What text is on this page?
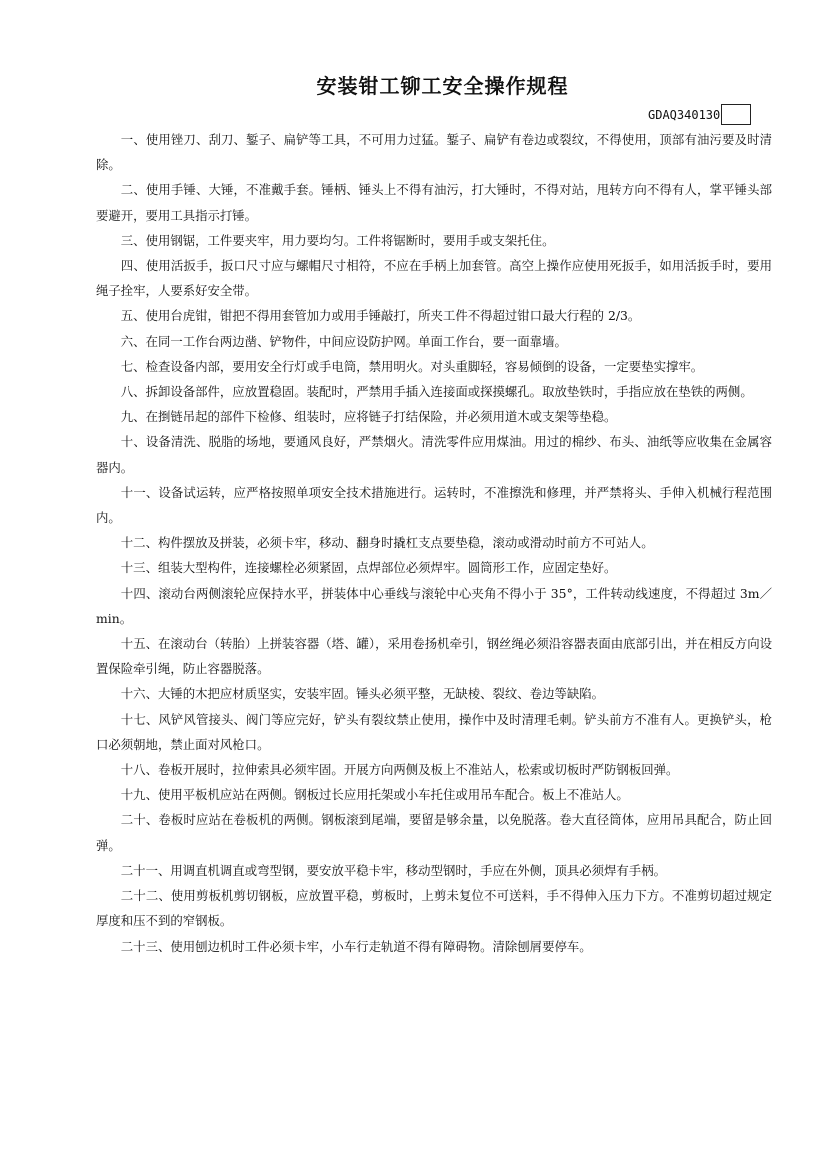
安装钳工铆工安全操作规程
GDAQ340130

一、使用锉刀、刮刀、錾子、扁铲等工具，不可用力过猛。錾子、扁铲有卷边或裂纹，不得使用，顶部有油污要及时清除。

二、使用手锤、大锤，不准戴手套。锤柄、锤头上不得有油污，打大锤时，不得对站，甩转方向不得有人，掌平锤头部要避开，要用工具指示打锤。

三、使用钢锯，工件要夹牢，用力要均匀。工件将锯断时，要用手或支架托住。

四、使用活扳手，扳口尺寸应与螺帽尺寸相符，不应在手柄上加套管。高空上操作应使用死扳手，如用活扳手时，要用绳子拴牢，人要系好安全带。

五、使用台虎钳，钳把不得用套管加力或用手锤敲打，所夹工件不得超过钳口最大行程的 2/3。

六、在同一工作台两边凿、铲物件，中间应设防护网。单面工作台，要一面靠墙。

七、检查设备内部，要用安全行灯或手电筒，禁用明火。对头重脚轻，容易倾倒的设备，一定要垫实撑牢。

八、拆卸设备部件，应放置稳固。装配时，严禁用手插入连接面或探摸螺孔。取放垫铁时，手指应放在垫铁的两侧。

九、在捯链吊起的部件下检修、组装时，应将链子打结保险，并必须用道木或支架等垫稳。

十、设备清洗、脱脂的场地，要通风良好，严禁烟火。清洗零件应用煤油。用过的棉纱、布头、油纸等应收集在金属容器内。

十一、设备试运转，应严格按照单项安全技术措施进行。运转时，不准擦洗和修理，并严禁将头、手伸入机械行程范围内。

十二、构件摆放及拼装，必须卡牢，移动、翻身时撬杠支点要垫稳，滚动或滑动时前方不可站人。

十三、组装大型构件，连接螺栓必须紧固，点焊部位必须焊牢。圆筒形工作，应固定垫好。

十四、滚动台两侧滚轮应保持水平，拼装体中心垂线与滚轮中心夹角不得小于 35°，工件转动线速度，不得超过 3m／min。

十五、在滚动台（转胎）上拼装容器（塔、罐），采用卷扬机牵引，钢丝绳必须沿容器表面由底部引出，并在相反方向设置保险牵引绳，防止容器脱落。

十六、大锤的木把应材质坚实，安装牢固。锤头必须平整，无缺棱、裂纹、卷边等缺陷。

十七、风铲风管接头、阀门等应完好，铲头有裂纹禁止使用，操作中及时清理毛刺。铲头前方不准有人。更换铲头，枪口必须朝地，禁止面对风枪口。

十八、卷板开展时，拉伸索具必须牢固。开展方向两侧及板上不准站人，松索或切板时严防钢板回弹。

十九、使用平板机应站在两侧。钢板过长应用托架或小车托住或用吊车配合。板上不准站人。

二十、卷板时应站在卷板机的两侧。钢板滚到尾端，要留是够余量，以免脱落。卷大直径筒体，应用吊具配合，防止回弹。

二十一、用调直机调直或弯型钢，要安放平稳卡牢，移动型钢时，手应在外侧，顶具必须焊有手柄。

二十二、使用剪板机剪切钢板，应放置平稳，剪板时，上剪未复位不可送料，手不得伸入压力下方。不准剪切超过规定厚度和压不到的窄钢板。

二十三、使用刨边机时工件必须卡牢，小车行走轨道不得有障碍物。清除刨屑要停车。
